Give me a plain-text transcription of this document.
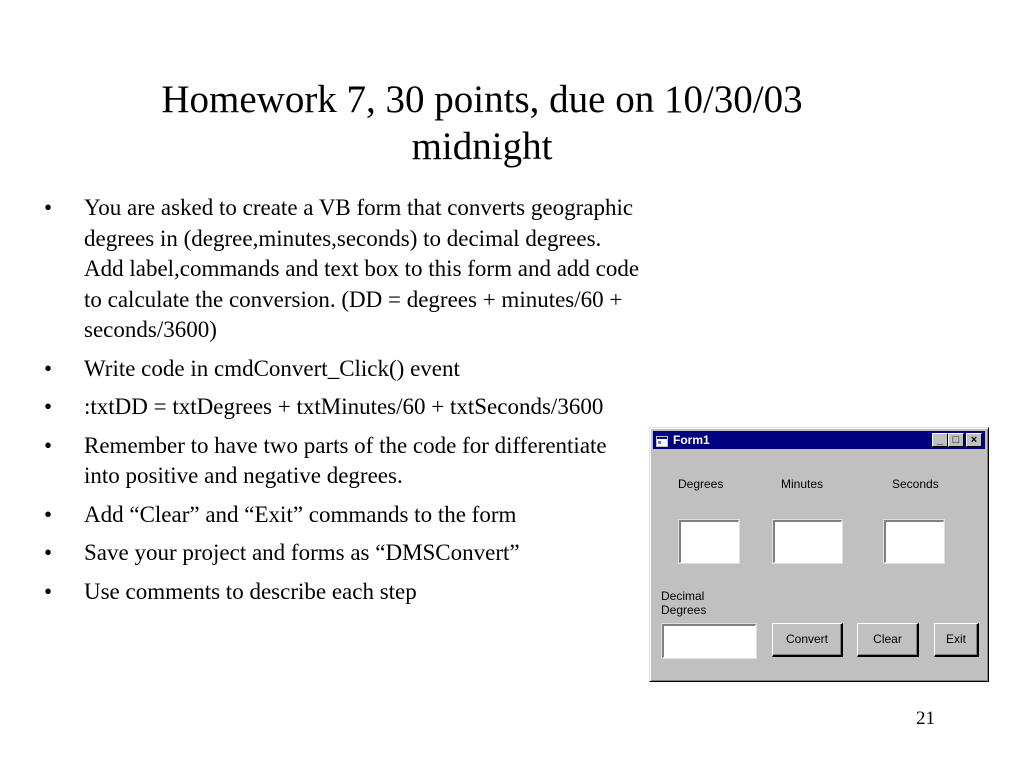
Homework 7, 30 points, due on 10/30/03
midnight
• You are asked to create a VB form that converts geographic degrees in (degree,minutes,seconds) to decimal degrees. Add label,commands and text box to this form and add code to calculate the conversion. (DD = degrees + minutes/60 + seconds/3600)
• Write code in cmdConvert_Click() event
• :txtDD = txtDegrees + txtMinutes/60 + txtSeconds/3600
• Remember to have two parts of the code for differentiate into positive and negative degrees.
• Add “Clear” and “Exit” commands to the form
• Save your project and forms as “DMSConvert”
• Use comments to describe each step
Form1	_ □	×
Degrees	Minutes	Seconds
Decimal
Degrees
Convert	Clear	Exit
21
